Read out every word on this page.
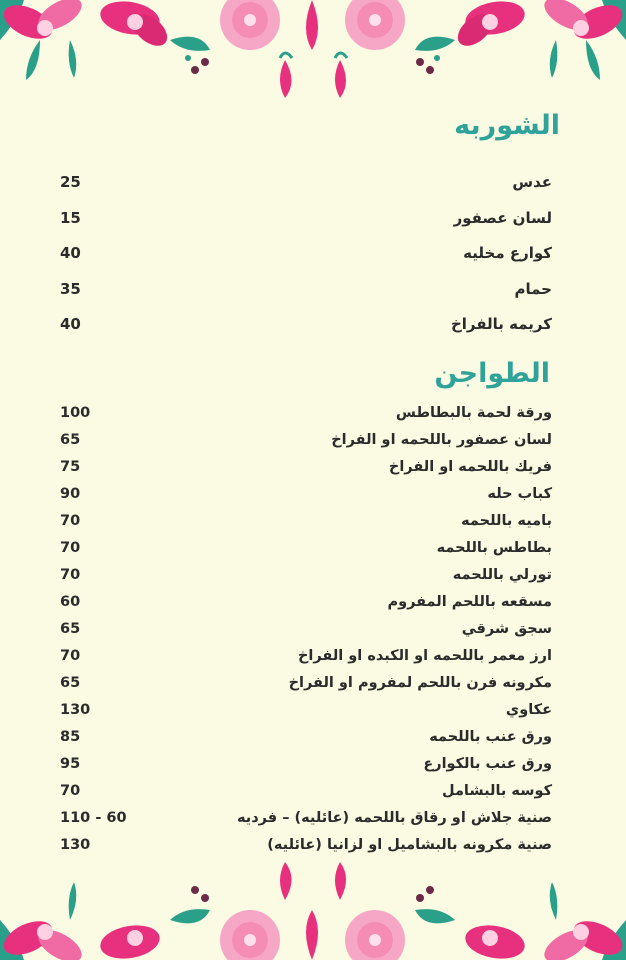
الشوربه
عدس
25
لسان عصفور
15
كوارع مخليه
40
حمام
35
كريمه بالفراخ
40
الطواجن
ورقة لحمة بالبطاطس
100
لسان عصفور باللحمه او الفراخ
65
فريك باللحمه او الفراخ
75
كباب حله
90
باميه باللحمه
70
بطاطس باللحمه
70
تورلي باللحمه
70
مسقعه باللحم المفروم
60
سجق شرقي
65
ارز معمر باللحمه او الكبده او الفراخ
70
مكرونه فرن باللحم لمفروم او الفراخ
65
عكاوي
130
ورق عنب باللحمه
85
ورق عنب بالكوارع
95
كوسه بالبشامل
70
صنية جلاش او رقاق باللحمه (عائليه) – فرديه
110 - 60
صنية مكرونه بالبشاميل او لزانيا (عائليه)
130
